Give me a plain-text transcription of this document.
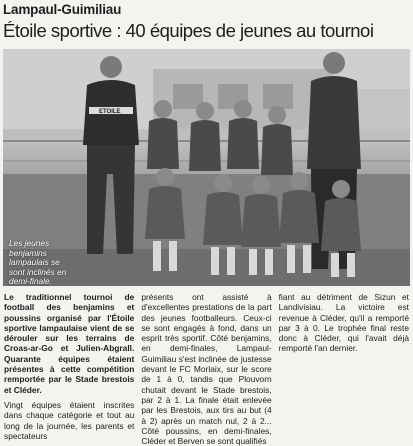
Lampaul-Guimiliau
Étoile sportive : 40 équipes de jeunes au tournoi
ETOILE
Les jeunes benjamins lampaulais se sont inclinés en demi-finale.

Le traditionnel tournoi de football des benjamins et poussins organisé par l'Étoile sportive lampaulaise vient de se dérouler sur les terrains de Croas-ar-Go et Julien-Abgrall. Quarante équipes étaient présentes à cette compétition remportée par le Stade brestois et Cléder.

Vingt équipes étaient inscrites dans chaque catégorie et tout au long de la journée, les parents et spectateurs

présents ont assisté à d'excellentes prestations de la part des jeunes footballeurs. Ceux-ci se sont engagés à fond, dans un esprit très sportif. Côté benjamins, en demi-finales, Lampaul-Guimiliau s'est inclinée de justesse devant le FC Morlaix, sur le score de 1 à 0, tandis que Plouvorn chutait devant le Stade brestois, par 2 à 1. La finale était enlevée par les Brestois, aux tirs au but (4 à 2) après un match nul, 2 à 2... Côté poussins, en demi-finales, Cléder et Berven se sont qualifiés

fiant au détriment de Sizun et Landivisiau. La victoire est revenue à Cléder, qu'il a remporté par 3 à 0. Le trophée final reste donc à Cléder, qui l'avait déjà remporté l'an dernier.
